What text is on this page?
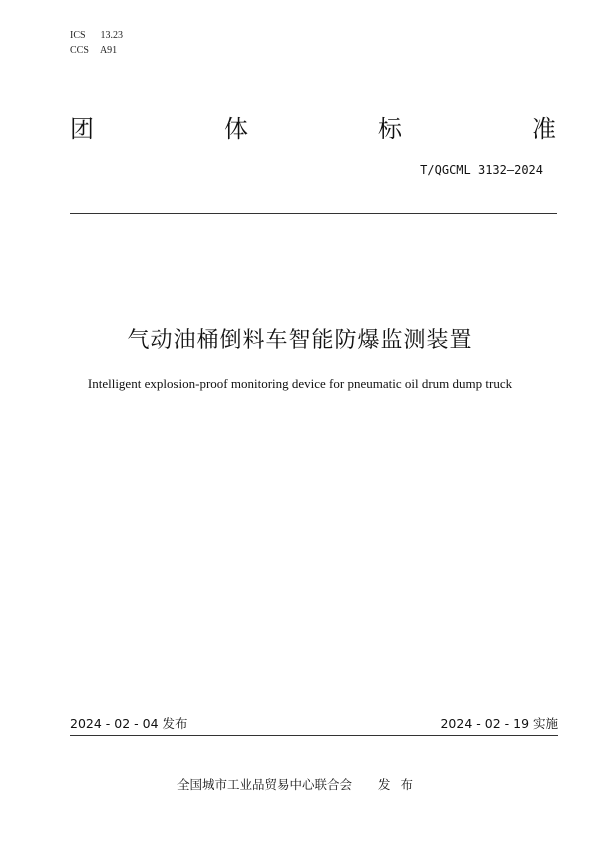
ICS 13.23
CCS A91
团	体	标	准
T/QGCML 3132—2024
气动油桶倒料车智能防爆监测装置
Intelligent explosion-proof monitoring device for pneumatic oil drum dump truck
2024 - 02 - 04 发布	2024 - 02 - 19 实施
全国城市工业品贸易中心联合会 发布
